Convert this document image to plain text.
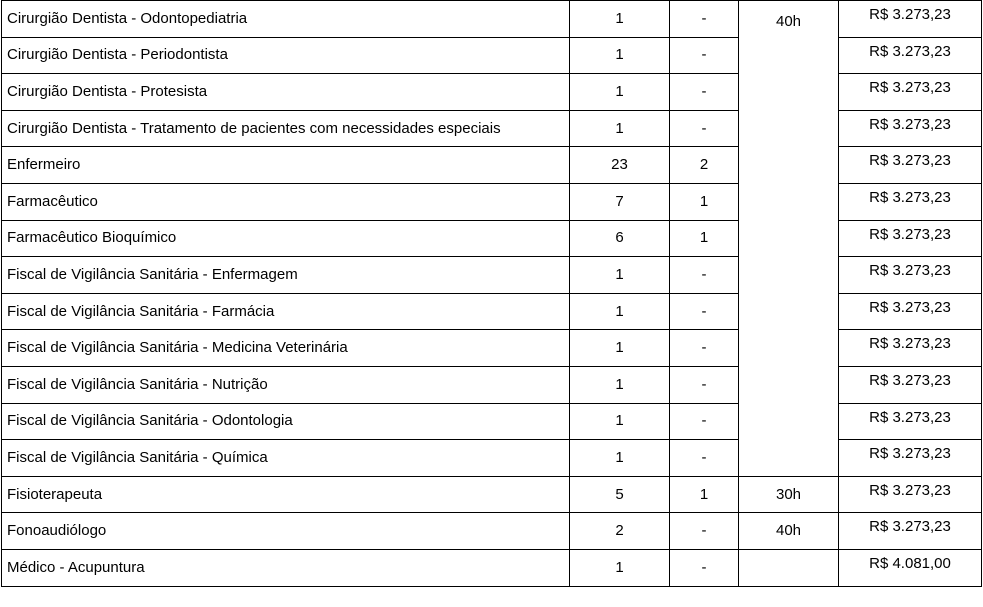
Cirurgião Dentista - Odontopediatria	1	-	40h	R$ 3.273,23
Cirurgião Dentista - Periodontista	1	-		R$ 3.273,23
Cirurgião Dentista - Protesista	1	-		R$ 3.273,23
Cirurgião Dentista - Tratamento de pacientes com necessidades especiais	1	-		R$ 3.273,23
Enfermeiro	23	2		R$ 3.273,23
Farmacêutico	7	1		R$ 3.273,23
Farmacêutico Bioquímico	6	1		R$ 3.273,23
Fiscal de Vigilância Sanitária - Enfermagem	1	-		R$ 3.273,23
Fiscal de Vigilância Sanitária - Farmácia	1	-		R$ 3.273,23
Fiscal de Vigilância Sanitária - Medicina Veterinária	1	-		R$ 3.273,23
Fiscal de Vigilância Sanitária - Nutrição	1	-		R$ 3.273,23
Fiscal de Vigilância Sanitária - Odontologia	1	-		R$ 3.273,23
Fiscal de Vigilância Sanitária - Química	1	-		R$ 3.273,23
Fisioterapeuta	5	1	30h	R$ 3.273,23
Fonoaudiólogo	2	-	40h	R$ 3.273,23
Médico - Acupuntura	1	-		R$ 4.081,00
